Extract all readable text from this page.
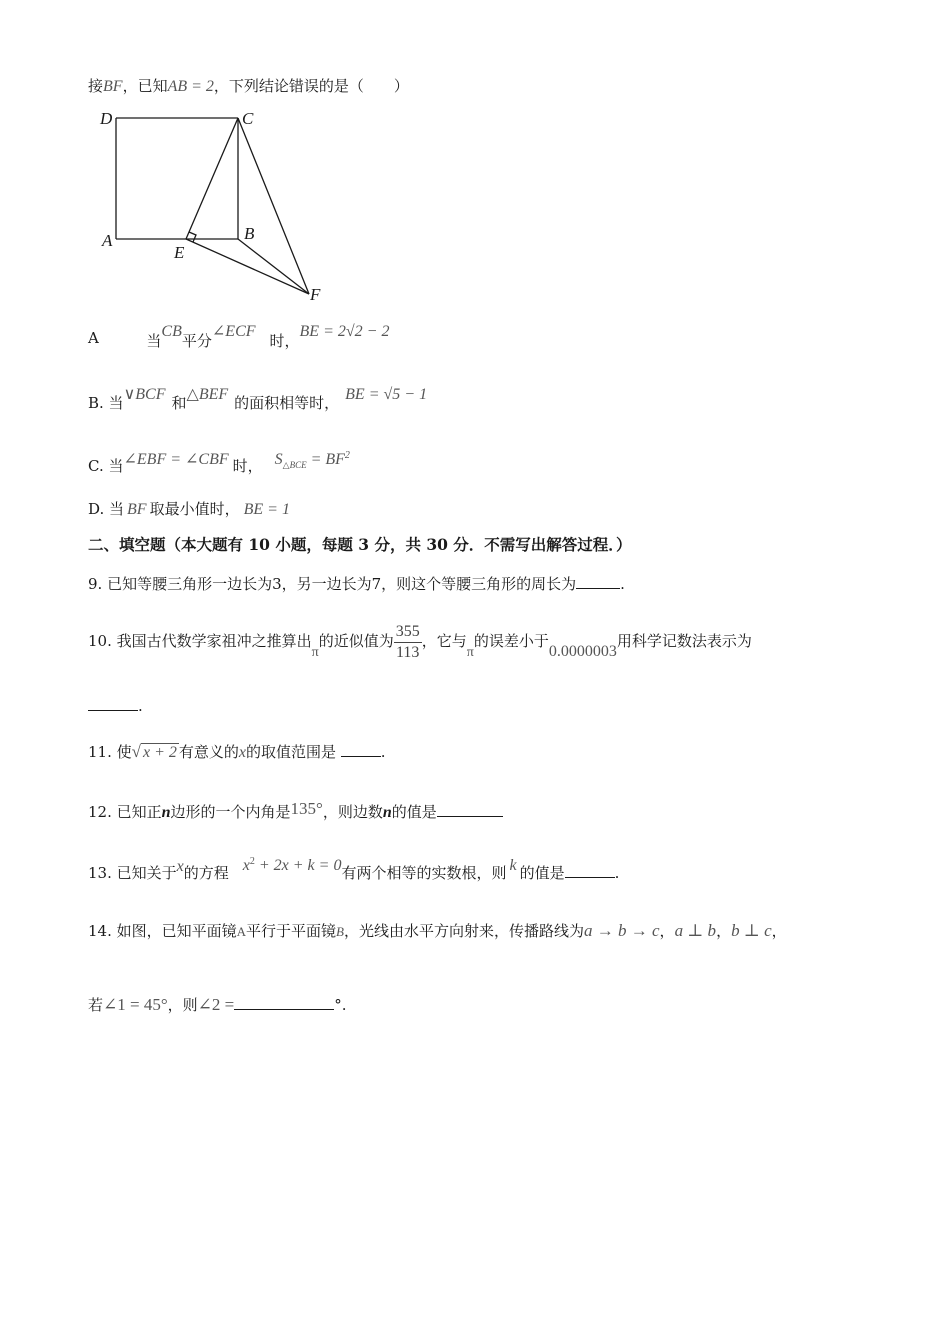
接BF，已知AB = 2，下列结论错误的是（　　）
D	C
A
E
B
F
A	当CB平分∠ECF时，BE = 2√2 − 2
B. 当∨BCF 和△BEF 的面积相等时， BE = √5 − 1
C. 当∠EBF = ∠CBF 时， $S_{\triangle BCE} = BF^2$
D. 当 BF 取最小值时， BE = 1
二、填空题（本大题有 10 小题，每题 3 分，共 30 分．不需写出解答过程．）
9. 已知等腰三角形一边长为3，另一边长为7，则这个等腰三角形的周长为	.
10. 我国古代数学家祖冲之推算出π的近似值为 $\frac{355}{113}$ ，它与π的误差小于0.0000003用科学记数法表示为
.
11. 使√ x + 2 有意义的x的取值范围是	.
12. 已知正n边形的一个内角是135°，则边数n的值是
13. 已知关于x的方程 $x^2 + 2x + k = 0$有两个相等的实数根，则 k 的值是	.
14. 如图，已知平面镜A平行于平面镜B，光线由水平方向射来，传播路线为a → b → c，a ⊥ b，b ⊥ c，
若∠1 = 45°，则∠2 =	°.
